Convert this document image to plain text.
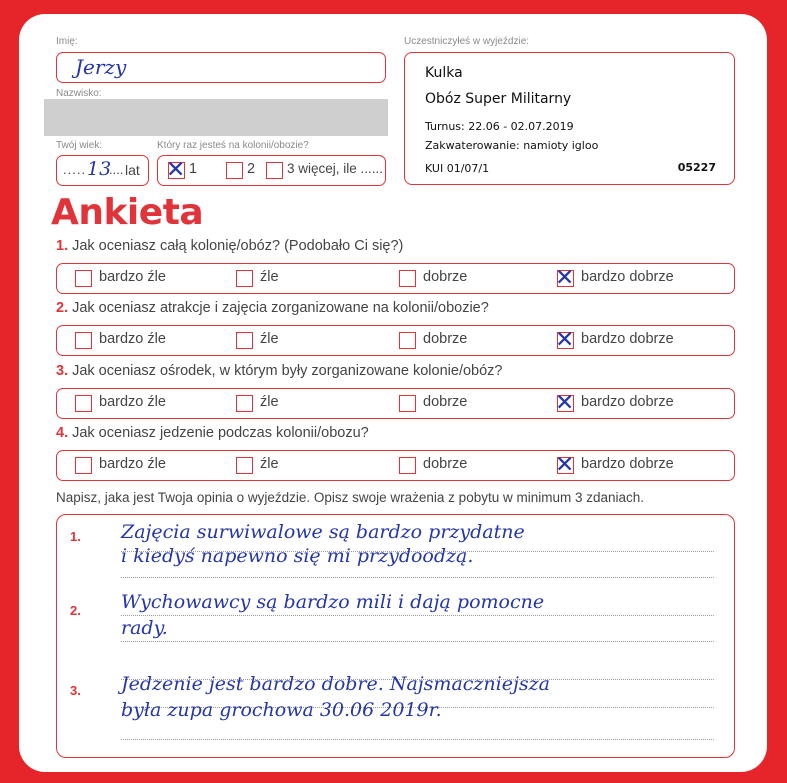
Imię:
Jerzy
Nazwisko:
Twój wiek:
..... 13
.... lat
Który raz jesteś na kolonii/obozie?
✕ 1	2 3 więcej, ile ......
Uczestniczyłeś w wyjeździe:
Kulka
Obóz Super Militarny
Turnus: 22.06 - 02.07.2019
Zakwaterowanie: namioty igloo
KUI 01/07/1	05227
Ankieta
1. Jak oceniasz całą kolonię/obóz? (Podobało Ci się?)
bardzo źle	źle	dobrze	✕ bardzo dobrze
2. Jak oceniasz atrakcje i zajęcia zorganizowane na kolonii/obozie?
bardzo źle	źle	dobrze	✕ bardzo dobrze
3. Jak oceniasz ośrodek, w którym były zorganizowane kolonie/obóz?
bardzo źle	źle	dobrze	✕ bardzo dobrze
4. Jak oceniasz jedzenie podczas kolonii/obozu?
bardzo źle	źle	dobrze	✕ bardzo dobrze
Napisz, jaka jest Twoja opinia o wyjeździe. Opisz swoje wrażenia z pobytu w minimum 3 zdaniach.
1. Zajęcia surwiwalowe są bardzo przydatne
i kiedyś napewno się mi przydoodzą.
2. Wychowawcy są bardzo mili i dają pomocne
rady.
3. Jedzenie jest bardzo dobre. Najsmaczniejsza
była zupa grochowa 30.06 2019r.
